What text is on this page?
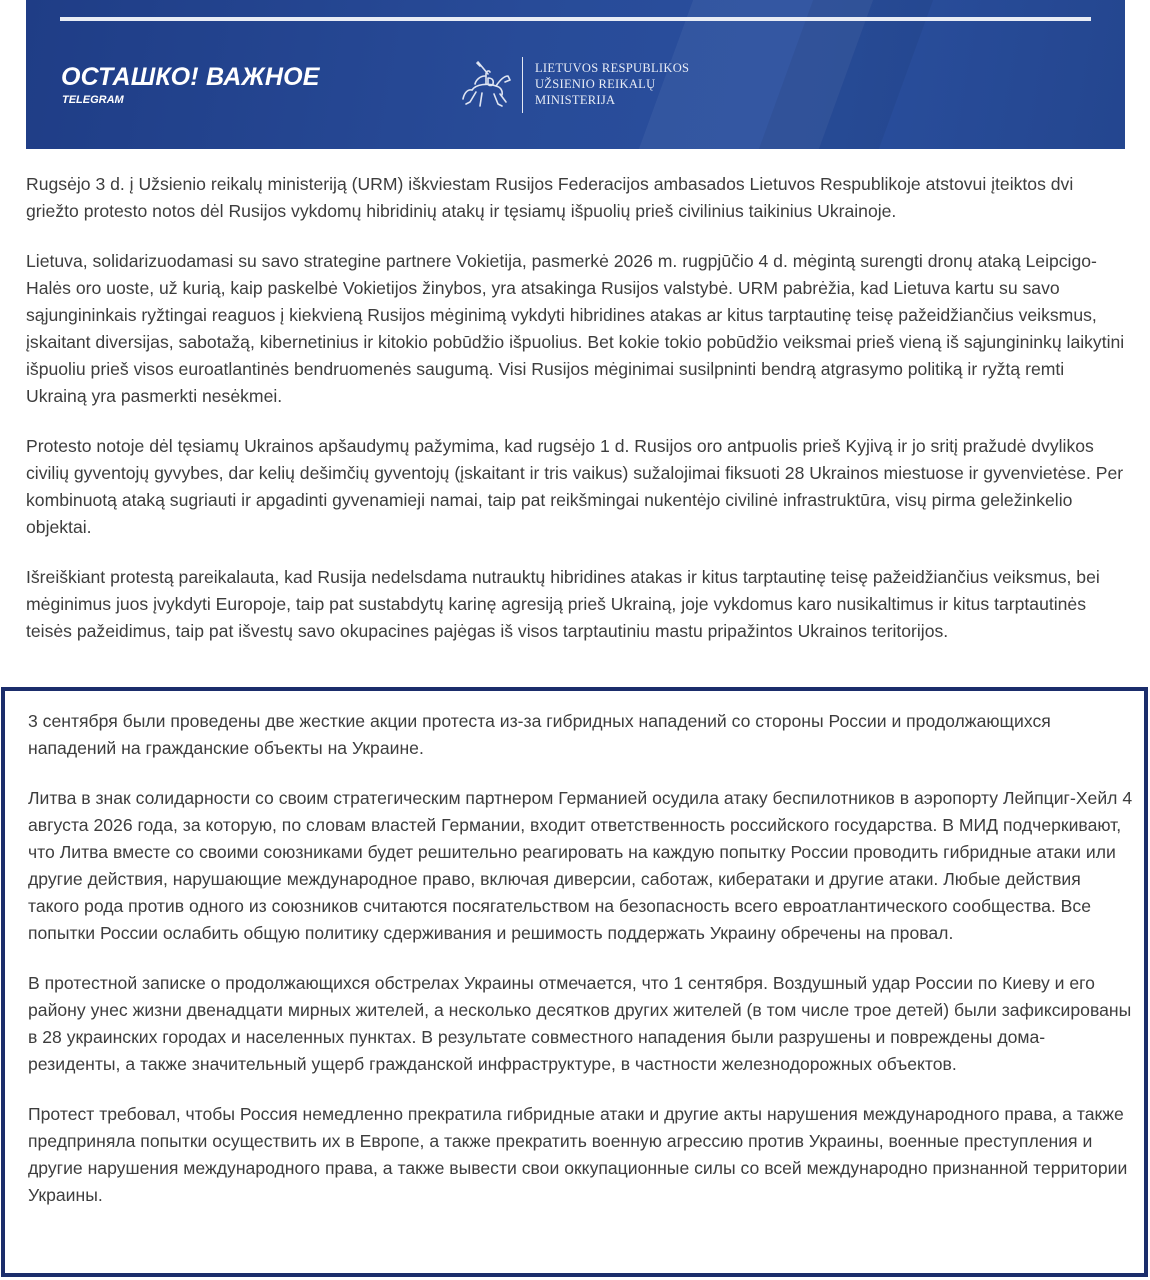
ОСТАШКО! ВАЖНОЕ
TELEGRAM
LIETUVOS RESPUBLIKOS
UŽSIENIO REIKALŲ
MINISTERIJA

Rugsėjo 3 d. į Užsienio reikalų ministeriją (URM) iškviestam Rusijos Federacijos ambasados Lietuvos Respublikoje atstovui įteiktos dvi griežto protesto notos dėl Rusijos vykdomų hibridinių atakų ir tęsiamų išpuolių prieš civilinius taikinius Ukrainoje.

Lietuva, solidarizuodamasi su savo strategine partnere Vokietija, pasmerkė 2026 m. rugpjūčio 4 d. mėgintą surengti dronų ataką Leipcigo-Halės oro uoste, už kurią, kaip paskelbė Vokietijos žinybos, yra atsakinga Rusijos valstybė. URM pabrėžia, kad Lietuva kartu su savo sąjungininkais ryžtingai reaguos į kiekvieną Rusijos mėginimą vykdyti hibridines atakas ar kitus tarptautinę teisę pažeidžiančius veiksmus, įskaitant diversijas, sabotažą, kibernetinius ir kitokio pobūdžio išpuolius. Bet kokie tokio pobūdžio veiksmai prieš vieną iš sąjungininkų laikytini išpuoliu prieš visos euroatlantinės bendruomenės saugumą. Visi Rusijos mėginimai susilpninti bendrą atgrasymo politiką ir ryžtą remti Ukrainą yra pasmerkti nesėkmei.

Protesto notoje dėl tęsiamų Ukrainos apšaudymų pažymima, kad rugsėjo 1 d. Rusijos oro antpuolis prieš Kyjivą ir jo sritį pražudė dvylikos civilių gyventojų gyvybes, dar kelių dešimčių gyventojų (įskaitant ir tris vaikus) sužalojimai fiksuoti 28 Ukrainos miestuose ir gyvenvietėse. Per kombinuotą ataką sugriauti ir apgadinti gyvenamieji namai, taip pat reikšmingai nukentėjo civilinė infrastruktūra, visų pirma geležinkelio objektai.

Išreiškiant protestą pareikalauta, kad Rusija nedelsdama nutrauktų hibridines atakas ir kitus tarptautinę teisę pažeidžiančius veiksmus, bei mėginimus juos įvykdyti Europoje, taip pat sustabdytų karinę agresiją prieš Ukrainą, joje vykdomus karo nusikaltimus ir kitus tarptautinės teisės pažeidimus, taip pat išvestų savo okupacines pajėgas iš visos tarptautiniu mastu pripažintos Ukrainos teritorijos.

3 сентября были проведены две жесткие акции протеста из-за гибридных нападений со стороны России и продолжающихся нападений на гражданские объекты на Украине.

Литва в знак солидарности со своим стратегическим партнером Германией осудила атаку беспилотников в аэропорту Лейпциг-Хейл 4 августа 2026 года, за которую, по словам властей Германии, входит ответственность российского государства. В МИД подчеркивают, что Литва вместе со своими союзниками будет решительно реагировать на каждую попытку России проводить гибридные атаки или другие действия, нарушающие международное право, включая диверсии, саботаж, кибератаки и другие атаки. Любые действия такого рода против одного из союзников считаются посягательством на безопасность всего евроатлантического сообщества. Все попытки России ослабить общую политику сдерживания и решимость поддержать Украину обречены на провал.

В протестной записке о продолжающихся обстрелах Украины отмечается, что 1 сентября. Воздушный удар России по Киеву и его району унес жизни двенадцати мирных жителей, а несколько десятков других жителей (в том числе трое детей) были зафиксированы в 28 украинских городах и населенных пунктах. В результате совместного нападения были разрушены и повреждены дома-резиденты, а также значительный ущерб гражданской инфраструктуре, в частности железнодорожных объектов.

Протест требовал, чтобы Россия немедленно прекратила гибридные атаки и другие акты нарушения международного права, а также предприняла попытки осуществить их в Европе, а также прекратить военную агрессию против Украины, военные преступления и другие нарушения международного права, а также вывести свои оккупационные силы со всей международно признанной территории Украины.
